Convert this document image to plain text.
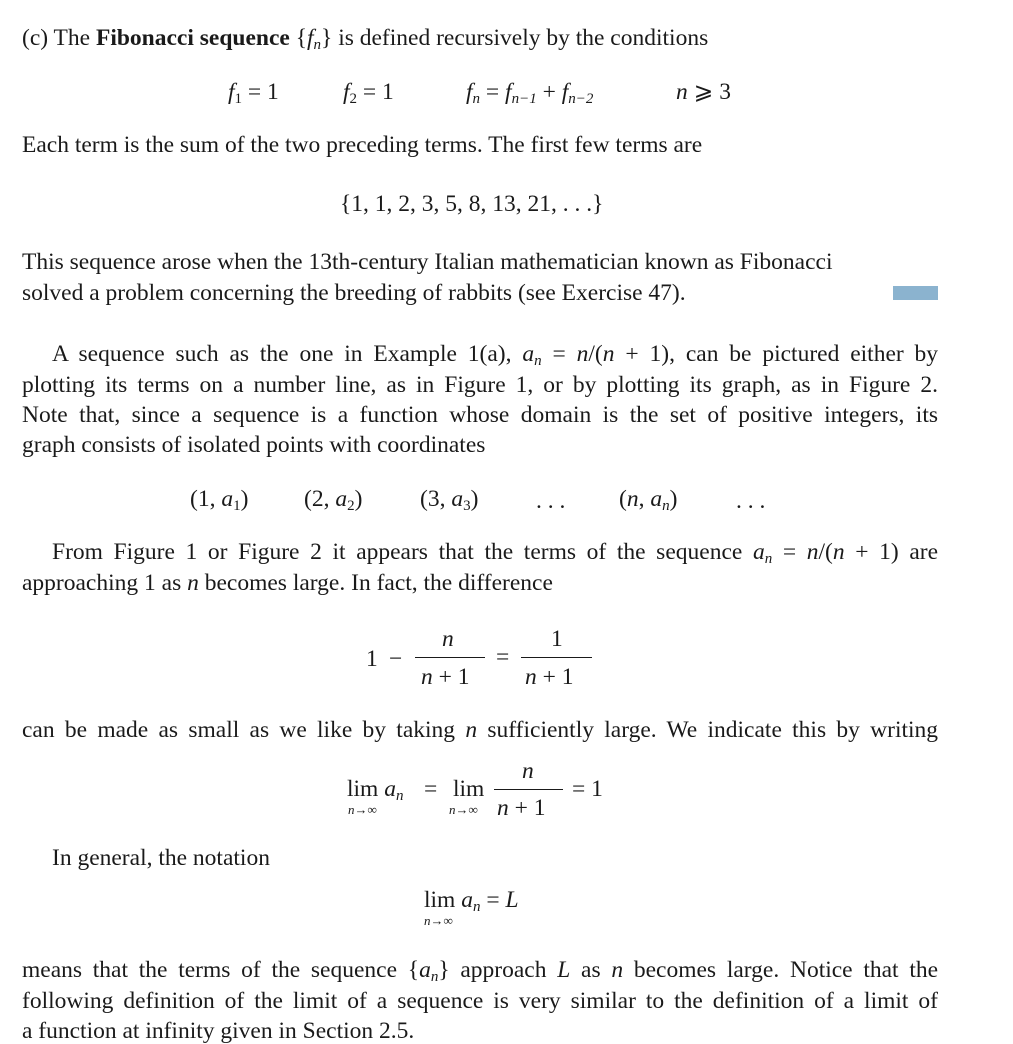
(c) The Fibonacci sequence $\{f_n\}$ is defined recursively by the conditions
$f_1 = 1$	$f_2 = 1$	$f_n = f_{n-1} + f_{n-2}$	n ⩾ 3
Each term is the sum of the two preceding terms. The first few terms are
{1, 1, 2, 3, 5, 8, 13, 21, . . .}
This sequence arose when the 13th-century Italian mathematician known as Fibonacci
solved a problem concerning the breeding of rabbits (see Exercise 47).
A sequence such as the one in Example 1(a), $a_n = n/(n + 1)$, can be pictured either by
plotting its terms on a number line, as in Figure 1, or by plotting its graph, as in Figure 2.
Note that, since a sequence is a function whose domain is the set of positive integers, its
graph consists of isolated points with coordinates
(1, $a_1$) (2, $a_2$) (3, $a_3$) . . . (n, $a_n$) . . .
From Figure 1 or Figure 2 it appears that the terms of the sequence $a_n = n/(n + 1)$ are
approaching 1 as n becomes large. In fact, the difference
1 −
n
n + 1
=
1
n + 1
can be made as small as we like by taking n sufficiently large. We indicate this by writing
$\lim a_n$
n→∞
= lim
n→∞
n
n + 1
= 1
In general, the notation
$\lim a_n = L$
n→∞
means that the terms of the sequence $\{a_n\}$ approach L as n becomes large. Notice that the
following definition of the limit of a sequence is very similar to the definition of a limit of
a function at infinity given in Section 2.5.
